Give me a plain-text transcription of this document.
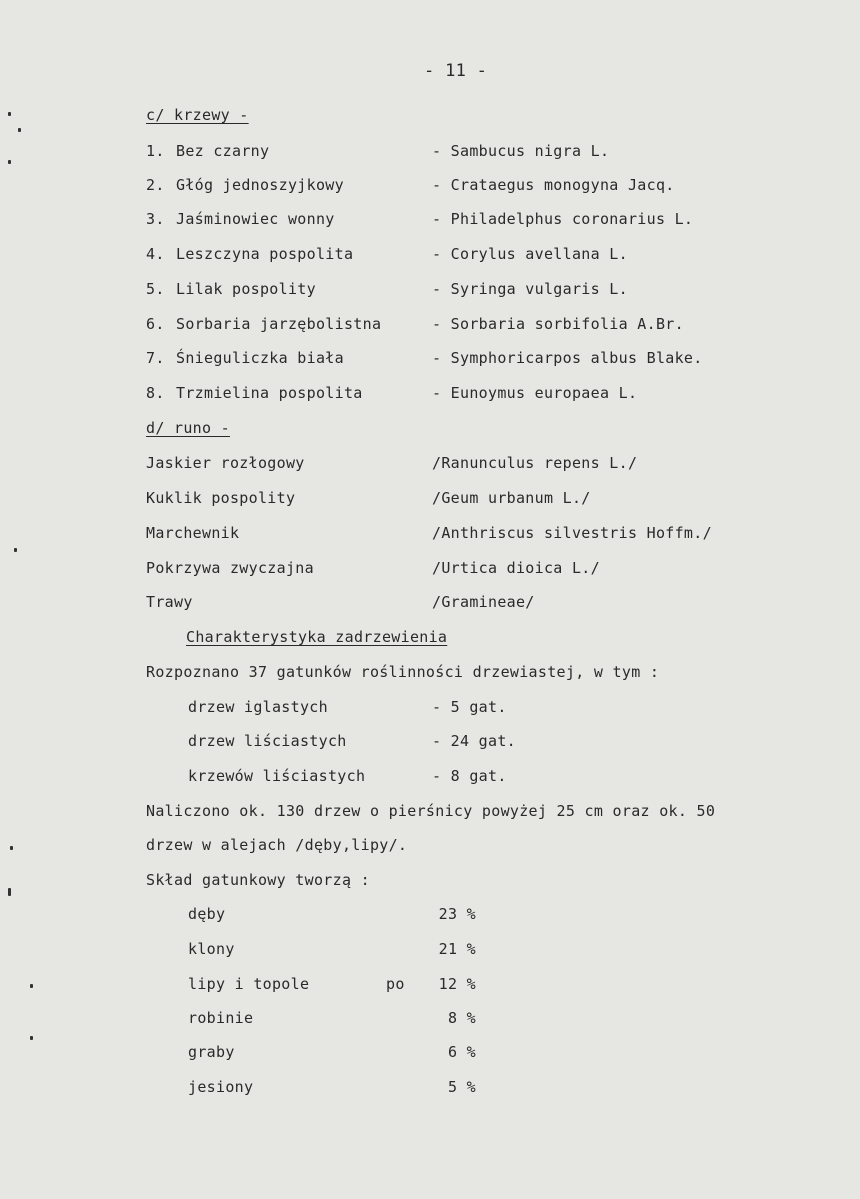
- 11 -
c/ krzewy -
1. Bez czarny	- Sambucus nigra L.
2. Głóg jednoszyjkowy	- Crataegus monogyna Jacq.
3. Jaśminowiec wonny	- Philadelphus coronarius L.
4. Leszczyna pospolita	- Corylus avellana L.
5. Lilak pospolity	- Syringa vulgaris L.
6. Sorbaria jarzębolistna	- Sorbaria sorbifolia A.Br.
7. Śnieguliczka biała	- Symphoricarpos albus Blake.
8. Trzmielina pospolita	- Eunoymus europaea L.
d/ runo -
Jaskier rozłogowy	/Ranunculus repens L./
Kuklik pospolity	/Geum urbanum L./
Marchewnik	/Anthriscus silvestris Hoffm./
Pokrzywa zwyczajna	/Urtica dioica L./
Trawy	/Gramineae/
Charakterystyka zadrzewienia
Rozpoznano 37 gatunków roślinności drzewiastej, w tym :
drzew iglastych	- 5 gat.
drzew liściastych	- 24 gat.
krzewów liściastych	- 8 gat.
Naliczono ok. 130 drzew o pierśnicy powyżej 25 cm oraz ok. 50
drzew w alejach /dęby,lipy/.
Skład gatunkowy tworzą :
dęby	23 %
klony	21 %
lipy i topole	po	12 %
robinie	8 %
graby	6 %
jesiony	5 %
